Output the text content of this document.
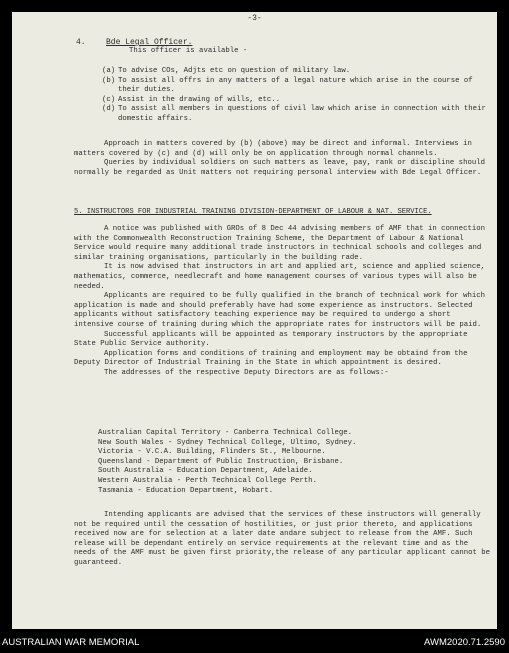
-3-
4.	Bde Legal Officer.
This officer is available -
(a) To advise COs, Adjts etc on question of military law.
(b) To assist all offrs in any matters of a legal nature which arise in the course of their duties.
(c) Assist in the drawing of wills, etc..
(d) To assist all members in questions of civil law which arise in connection with their domestic affairs.

Approach in matters covered by (b) (above) may be direct and informal. Interviews in matters covered by (c) and (d) will only be on application through normal channels.

Queries by individual soldiers on such matters as leave, pay, rank or discipline should normally be regarded as Unit matters not requiring personal interview with Bde Legal Officer.

5. INSTRUCTORS FOR INDUSTRIAL TRAINING DIVISION-DEPARTMENT OF LABOUR & NAT. SERVICE.

A notice was published with GROs of 8 Dec 44 advising members of AMF that in connection with the Commonwealth Reconstruction Training Scheme, the Department of Labour & National Service would require many additional trade instructors in technical schools and colleges and similar training organisations, particularly in the building rade.

It is now advised that instructors in art and applied art, science and applied science, mathematics, commerce, needlecraft and home management courses of various types will also be needed.

Applicants are required to be fully qualified in the branch of technical work for which application is made and should preferably have had some experience as instructors. Selected applicants without satisfactory teaching experience may be required to undergo a short intensive course of training during which the appropriate rates for instructors will be paid.

Successful applicants will be appointed as temporary instructors by the appropriate State Public Service authority.

Application forms and conditions of training and employment may be obtaind from the Deputy Director of Industrial Training in the State in which appointment is desired.

The addresses of the respective Deputy Directors are as follows:-

Australian Capital Territory - Canberra Technical College.
New South Wales - Sydney Technical College, Ultimo, Sydney.
Victoria - V.C.A. Building, Flinders St., Melbourne.
Queensland - Department of Public Instruction, Brisbane.
South Australia - Education Department, Adelaide.
Western Australia - Perth Technical College Perth.
Tasmania - Education Department, Hobart.

Intending applicants are advised that the services of these instructors will generally not be required until the cessation of hostilities, or just prior thereto, and applications received now are for selection at a later date andare subject to release from the AMF. Such release will be dependant entirely on service requirements at the relevant time and as the needs of the AMF must be given first priority,the release of any particular applicant cannot be guaranteed.

AUSTRALIAN WAR MEMORIAL	AWM2020.71.2590
